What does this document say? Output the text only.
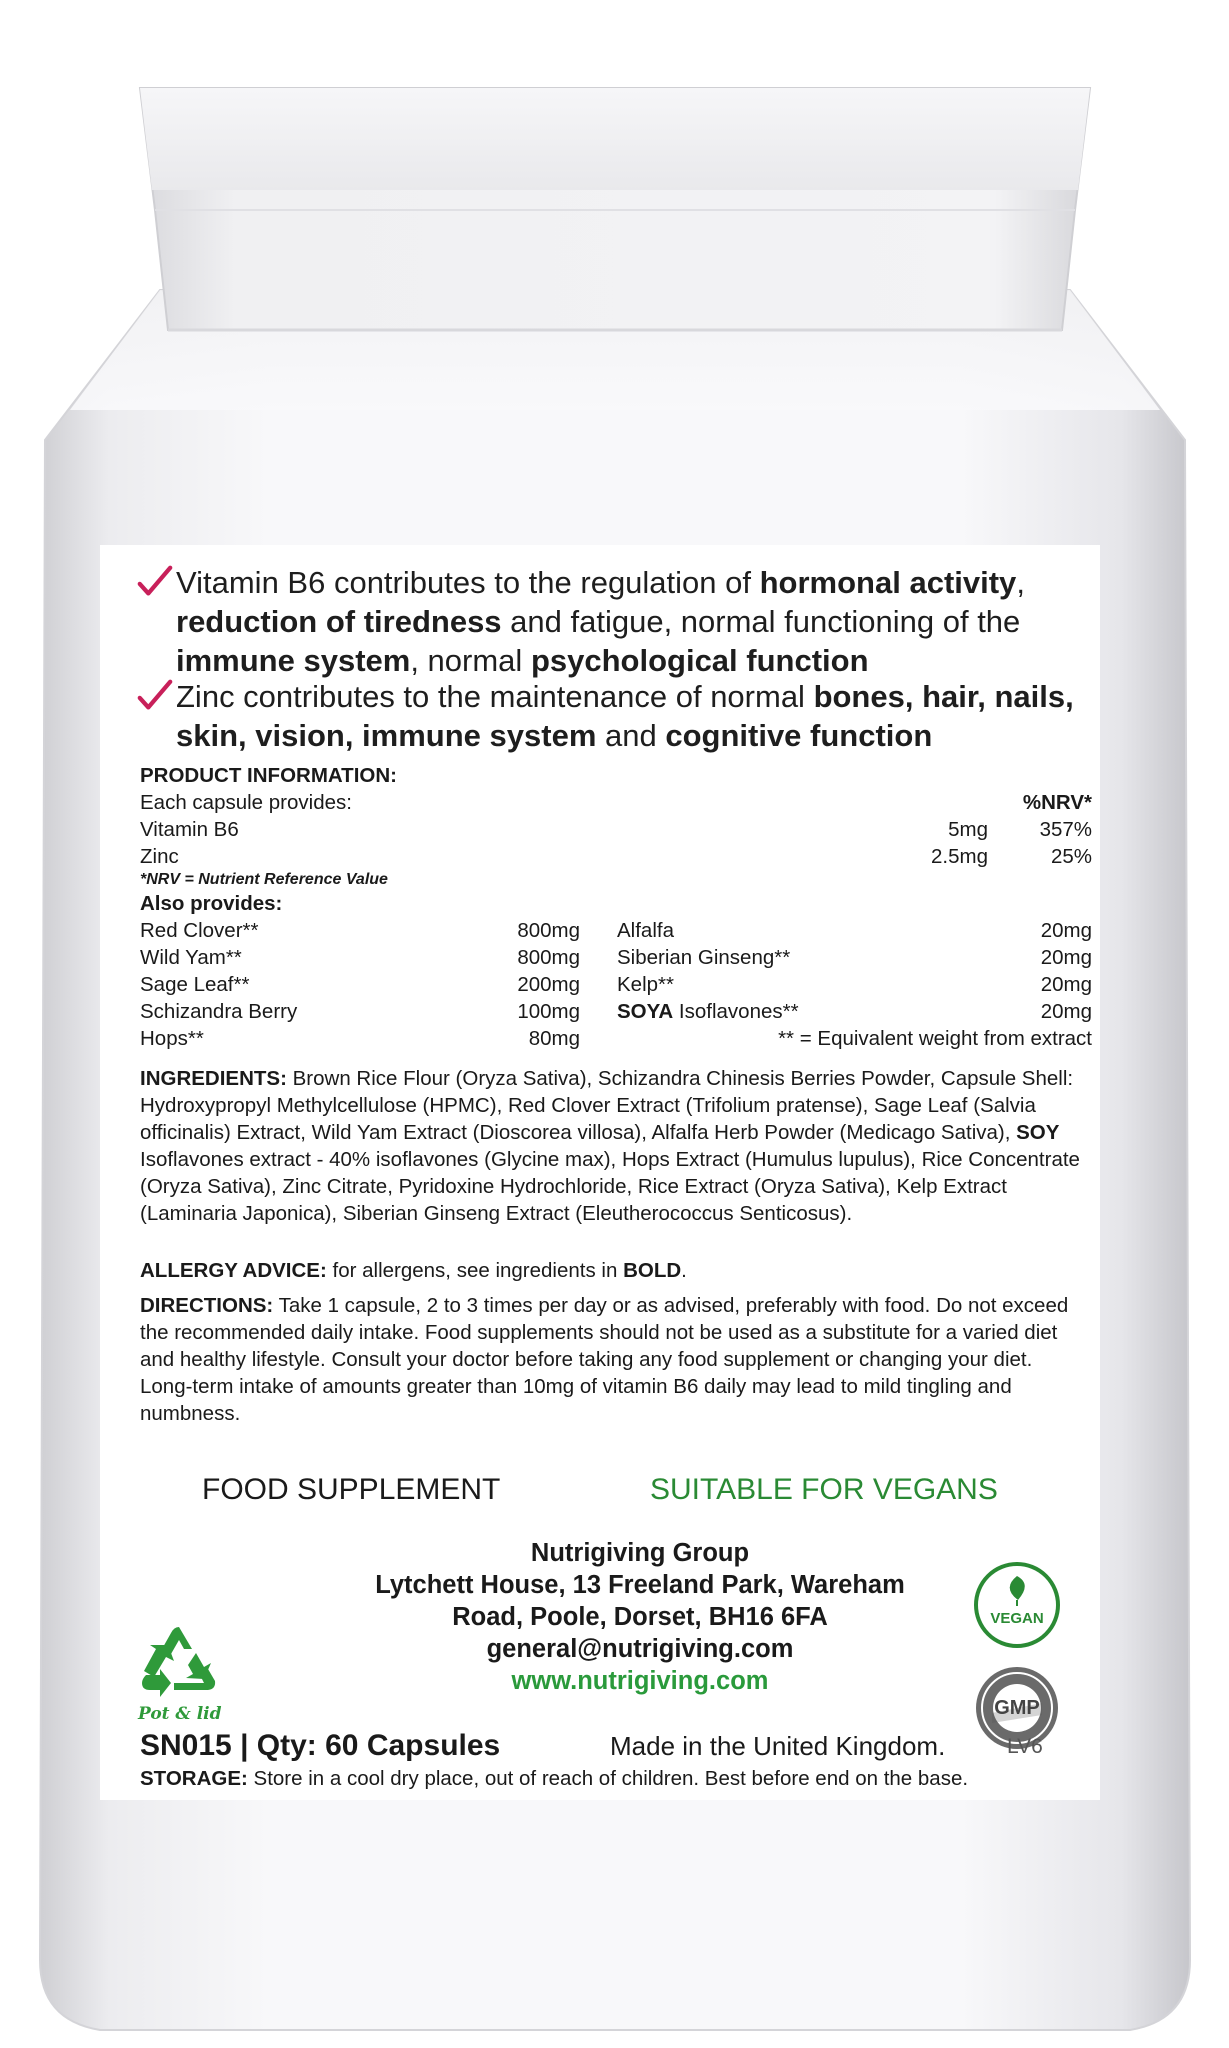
Vitamin B6 contributes to the regulation of hormonal activity, reduction of tiredness and fatigue, normal functioning of the immune system, normal psychological function
Zinc contributes to the maintenance of normal bones, hair, nails, skin, vision, immune system and cognitive function
PRODUCT INFORMATION:
Each capsule provides:	%NRV*
Vitamin B6	5mg	357%
Zinc	2.5mg	25%
*NRV = Nutrient Reference Value
Also provides:
Red Clover**	800mg
Wild Yam**	800mg
Sage Leaf**	200mg
Schizandra Berry	100mg
Hops**	80mg
Alfalfa	20mg
Siberian Ginseng**	20mg
Kelp**	20mg
SOYA Isoflavones**	20mg
** = Equivalent weight from extract
INGREDIENTS: Brown Rice Flour (Oryza Sativa), Schizandra Chinesis Berries Powder, Capsule Shell: Hydroxypropyl Methylcellulose (HPMC), Red Clover Extract (Trifolium pratense), Sage Leaf (Salvia officinalis) Extract, Wild Yam Extract (Dioscorea villosa), Alfalfa Herb Powder (Medicago Sativa), SOY Isoflavones extract - 40% isoflavones (Glycine max), Hops Extract (Humulus lupulus), Rice Concentrate (Oryza Sativa), Zinc Citrate, Pyridoxine Hydrochloride, Rice Extract (Oryza Sativa), Kelp Extract (Laminaria Japonica), Siberian Ginseng Extract (Eleutherococcus Senticosus).
ALLERGY ADVICE: for allergens, see ingredients in BOLD.
DIRECTIONS: Take 1 capsule, 2 to 3 times per day or as advised, preferably with food. Do not exceed the recommended daily intake. Food supplements should not be used as a substitute for a varied diet and healthy lifestyle. Consult your doctor before taking any food supplement or changing your diet.
Long-term intake of amounts greater than 10mg of vitamin B6 daily may lead to mild tingling and numbness.
FOOD SUPPLEMENT	SUITABLE FOR VEGANS
Nutrigiving Group
Lytchett House, 13 Freeland Park, Wareham
Road, Poole, Dorset, BH16 6FA
general@nutrigiving.com
www.nutrigiving.com
Pot & lid
VEGAN
GMP
SN015 | Qty: 60 Capsules	Made in the United Kingdom.	LV6
STORAGE: Store in a cool dry place, out of reach of children. Best before end on the base.
